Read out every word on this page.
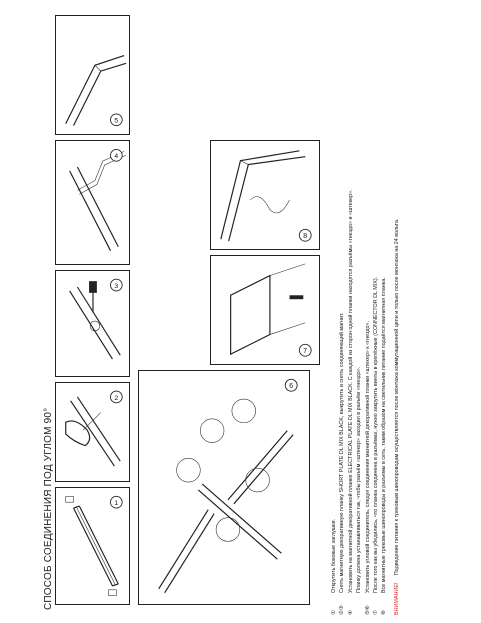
СПОСОБ СОЕДИНЕНИЯ ПОД УГЛОМ 90°	1
2
3
4
5
6
7
8
①
Открутить боковые заглушки.
②③
Снять магнитную декоративную планку SHORT PLATE DL MIX BLACK, выкрутить и снять соединяющий магнит.
④
Установить на магнитной декоративной планке ELECTRICAL PLATE DL MIX BLACK. С каждой из сторон одной планки находятся разъёмы «гнездо» и «штекер». Планку должна устанавливаться так, чтобы разъём «штекер» заходил в разъём «гнездо».
⑤⑥
Установить угловой соединитель, следуя соединения магнитной декоративной планки «штекер» к «гнездо».
⑦
После того как вы убедились, что планка соединена в разъёмах, нужно закрутить винты в крепёжные (CONNECTOR DL MIX).
⑧
Все магнитные трековые шинопроводы и разъемы в сеть, таким образом на светильник питание подаётся магнитная планка.
ВНИМАНИЕ! Подведение питания к трековым шинопроводам осуществляется после монтажа коммутационной цепи и только после монтажа на 24 вольта.
